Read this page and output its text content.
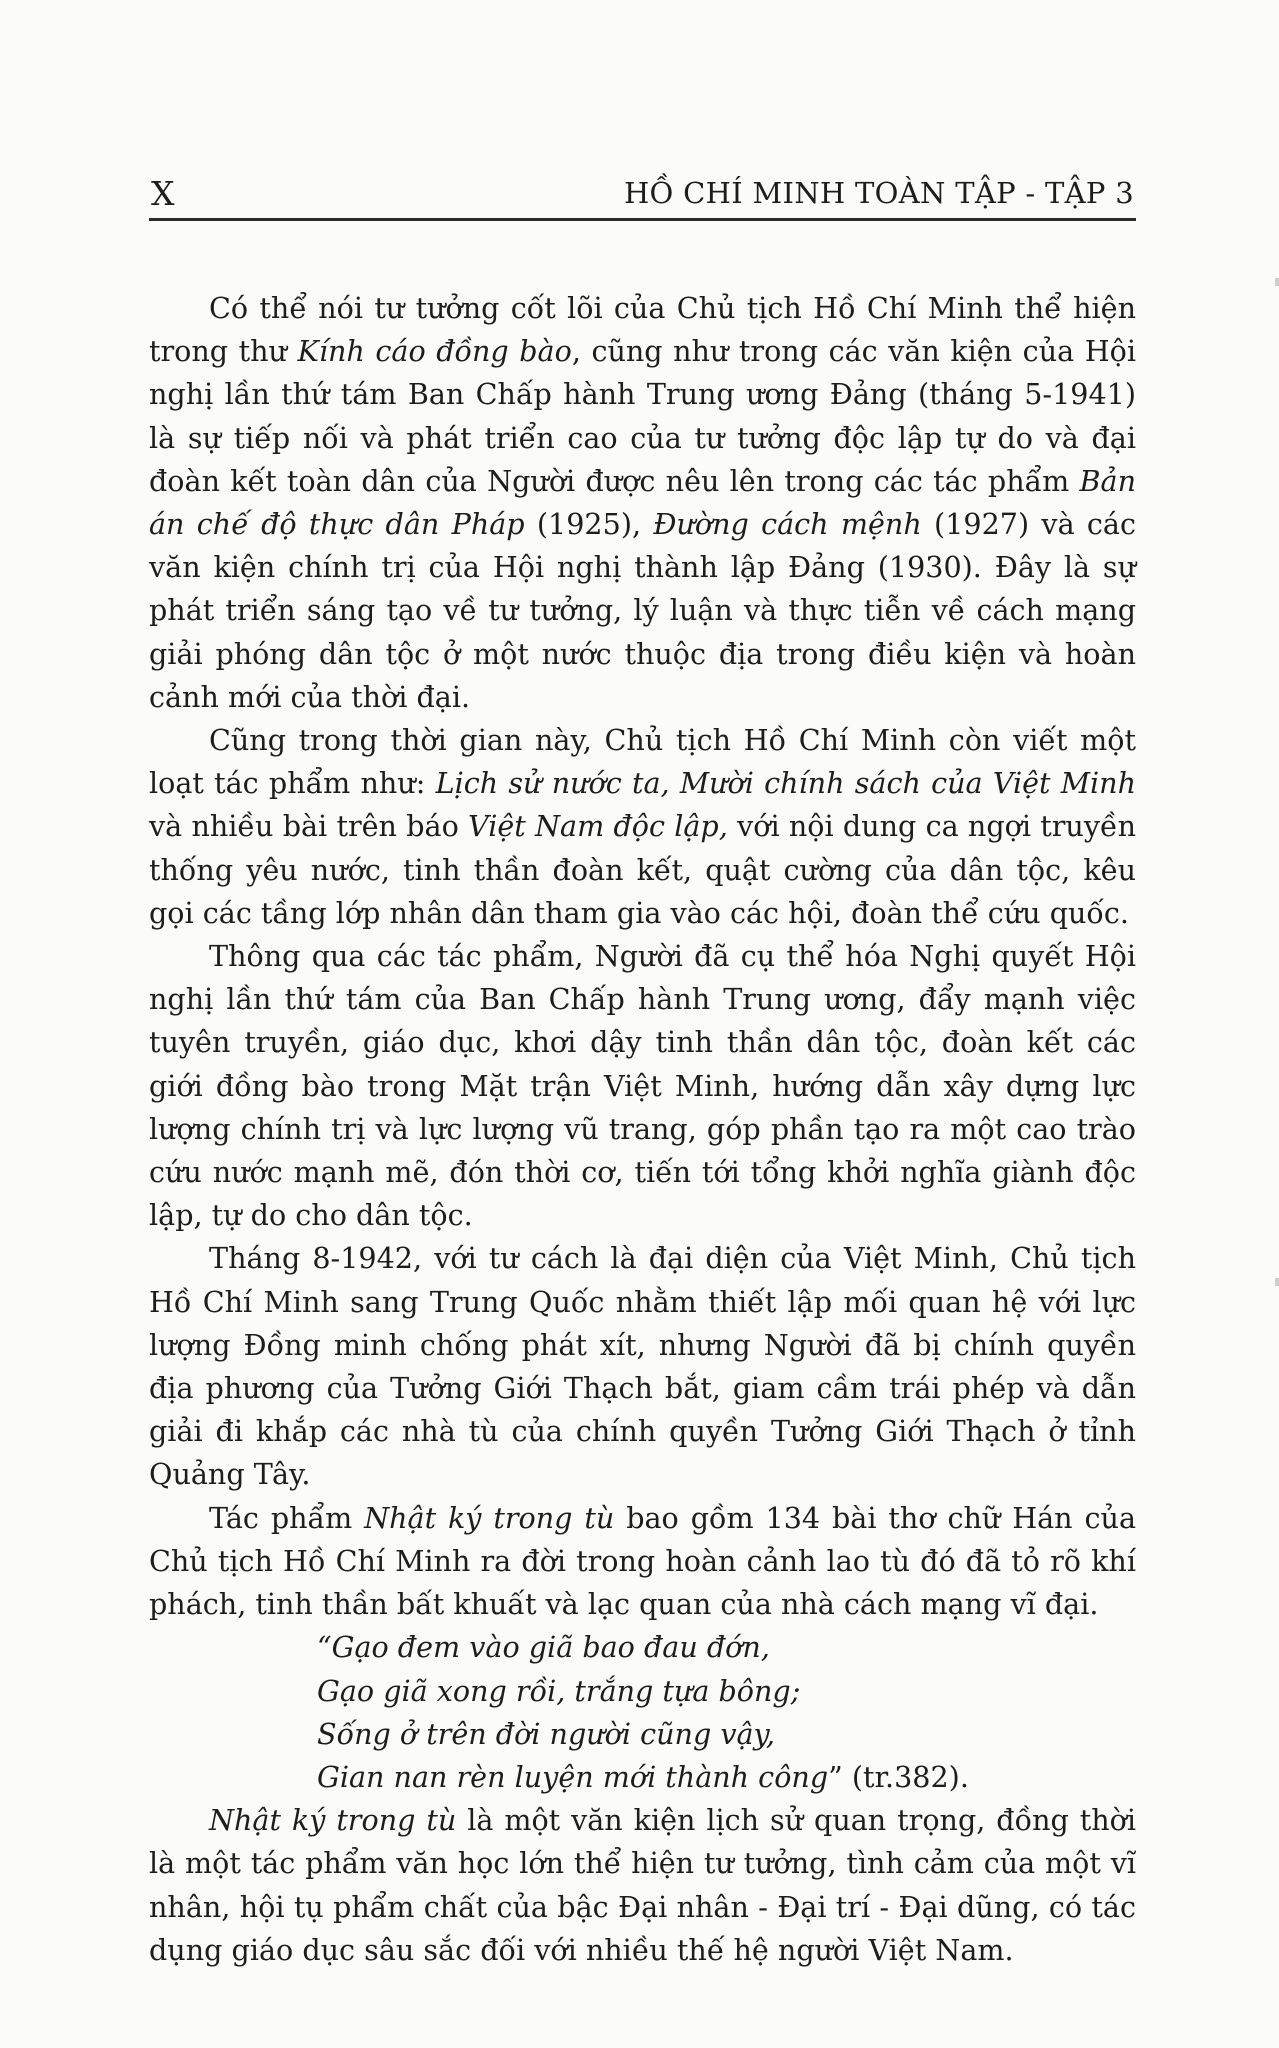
X	HỒ CHÍ MINH TOÀN TẬP - TẬP 3

Có thể nói tư tưởng cốt lõi của Chủ tịch Hồ Chí Minh thể hiện trong thư Kính cáo đồng bào, cũng như trong các văn kiện của Hội nghị lần thứ tám Ban Chấp hành Trung ương Đảng (tháng 5-1941) là sự tiếp nối và phát triển cao của tư tưởng độc lập tự do và đại đoàn kết toàn dân của Người được nêu lên trong các tác phẩm Bản án chế độ thực dân Pháp (1925), Đường cách mệnh (1927) và các văn kiện chính trị của Hội nghị thành lập Đảng (1930). Đây là sự phát triển sáng tạo về tư tưởng, lý luận và thực tiễn về cách mạng giải phóng dân tộc ở một nước thuộc địa trong điều kiện và hoàn cảnh mới của thời đại.

Cũng trong thời gian này, Chủ tịch Hồ Chí Minh còn viết một loạt tác phẩm như: Lịch sử nước ta, Mười chính sách của Việt Minh và nhiều bài trên báo Việt Nam độc lập, với nội dung ca ngợi truyền thống yêu nước, tinh thần đoàn kết, quật cường của dân tộc, kêu gọi các tầng lớp nhân dân tham gia vào các hội, đoàn thể cứu quốc.

Thông qua các tác phẩm, Người đã cụ thể hóa Nghị quyết Hội nghị lần thứ tám của Ban Chấp hành Trung ương, đẩy mạnh việc tuyên truyền, giáo dục, khơi dậy tinh thần dân tộc, đoàn kết các giới đồng bào trong Mặt trận Việt Minh, hướng dẫn xây dựng lực lượng chính trị và lực lượng vũ trang, góp phần tạo ra một cao trào cứu nước mạnh mẽ, đón thời cơ, tiến tới tổng khởi nghĩa giành độc lập, tự do cho dân tộc.

Tháng 8-1942, với tư cách là đại diện của Việt Minh, Chủ tịch Hồ Chí Minh sang Trung Quốc nhằm thiết lập mối quan hệ với lực lượng Đồng minh chống phát xít, nhưng Người đã bị chính quyền địa phương của Tưởng Giới Thạch bắt, giam cầm trái phép và dẫn giải đi khắp các nhà tù của chính quyền Tưởng Giới Thạch ở tỉnh Quảng Tây.

Tác phẩm Nhật ký trong tù bao gồm 134 bài thơ chữ Hán của Chủ tịch Hồ Chí Minh ra đời trong hoàn cảnh lao tù đó đã tỏ rõ khí phách, tinh thần bất khuất và lạc quan của nhà cách mạng vĩ đại.

“Gạo đem vào giã bao đau đớn,
Gạo giã xong rồi, trắng tựa bông;
Sống ở trên đời người cũng vậy,
Gian nan rèn luyện mới thành công” (tr.382).

Nhật ký trong tù là một văn kiện lịch sử quan trọng, đồng thời là một tác phẩm văn học lớn thể hiện tư tưởng, tình cảm của một vĩ nhân, hội tụ phẩm chất của bậc Đại nhân - Đại trí - Đại dũng, có tác dụng giáo dục sâu sắc đối với nhiều thế hệ người Việt Nam.
